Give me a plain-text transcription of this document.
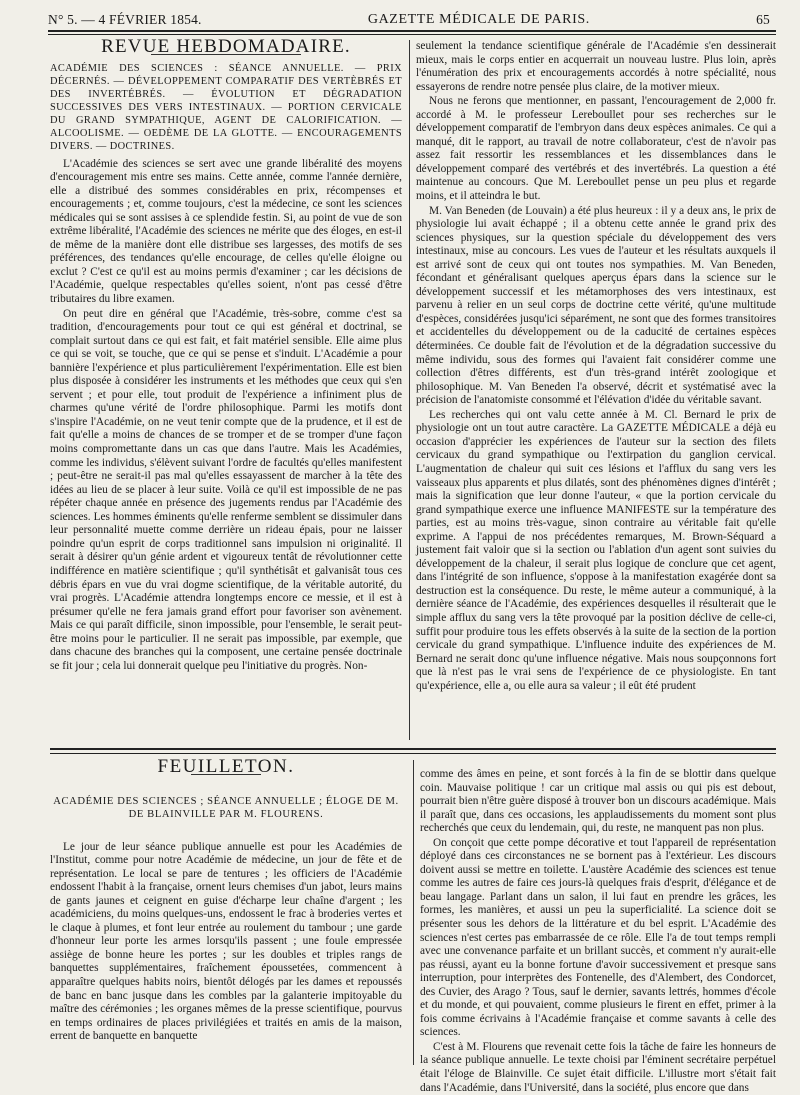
N° 5. — 4 FÉVRIER 1854.	GAZETTE MÉDICALE DE PARIS.	65

REVUE HEBDOMADAIRE.

ACADÉMIE DES SCIENCES : SÉANCE ANNUELLE. — PRIX DÉCERNÉS. — DÉVELOPPEMENT COMPARATIF DES VERTÈBRÉS ET DES INVERTÉBRÉS. — ÉVOLUTION ET DÉGRADATION SUCCESSIVES DES VERS INTESTINAUX. — PORTION CERVICALE DU GRAND SYMPATHIQUE, AGENT DE CALORIFICATION. — ALCOOLISME. — OEDÈME DE LA GLOTTE. — ENCOURAGEMENTS DIVERS. — DOCTRINES.

L'Académie des sciences se sert avec une grande libéralité des moyens d'encouragement mis entre ses mains. Cette année, comme l'année dernière, elle a distribué des sommes considérables en prix, récompenses et encouragements ; et, comme toujours, c'est la médecine, ce sont les sciences médicales qui se sont assises à ce splendide festin. Si, au point de vue de son extrême libéralité, l'Académie des sciences ne mérite que des éloges, en est-il de même de la manière dont elle distribue ses largesses, des motifs de ses préférences, des tendances qu'elle encourage, de celles qu'elle éloigne ou exclut ? C'est ce qu'il est au moins permis d'examiner ; car les décisions de l'Académie, quelque respectables qu'elles soient, n'ont pas cessé d'être tributaires du libre examen.

On peut dire en général que l'Académie, très-sobre, comme c'est sa tradition, d'encouragements pour tout ce qui est général et doctrinal, se complait surtout dans ce qui est fait, et fait matériel sensible. Elle aime plus ce qui se voit, se touche, que ce qui se pense et s'induit. L'Académie a pour bannière l'expérience et plus particulièrement l'expérimentation. Elle est bien plus disposée à considérer les instruments et les méthodes que ceux qui s'en servent ; et pour elle, tout produit de l'expérience a infiniment plus de charmes qu'une vérité de l'ordre philosophique. Parmi les motifs dont s'inspire l'Académie, on ne veut tenir compte que de la prudence, et il est de fait qu'elle a moins de chances de se tromper et de se tromper d'une façon moins compromettante dans un cas que dans l'autre. Mais les Académies, comme les individus, s'élèvent suivant l'ordre de facultés qu'elles manifestent ; peut-être ne serait-il pas mal qu'elles essayassent de marcher à la tête des idées au lieu de se placer à leur suite. Voilà ce qu'il est impossible de ne pas répéter chaque année en présence des jugements rendus par l'Académie des sciences. Les hommes éminents qu'elle renferme semblent se dissimuler dans leur personnalité muette comme derrière un rideau épais, pour ne laisser poindre qu'un esprit de corps traditionnel sans impulsion ni originalité. Il serait à désirer qu'un génie ardent et vigoureux tentât de révolutionner cette indifférence en matière scientifique ; qu'il synthétisât et galvanisât tous ces débris épars en vue du vrai dogme scientifique, de la véritable autorité, du vrai progrès. L'Académie attendra longtemps encore ce messie, et il est à présumer qu'elle ne fera jamais grand effort pour favoriser son avènement. Mais ce qui paraît difficile, sinon impossible, pour l'ensemble, le serait peut-être moins pour le particulier. Il ne serait pas impossible, par exemple, que dans chacune des branches qui la composent, une certaine pensée doctrinale se fit jour ; cela lui donnerait quelque peu l'initiative du progrès. Non-

seulement la tendance scientifique générale de l'Académie s'en dessinerait mieux, mais le corps entier en acquerrait un nouveau lustre. Plus loin, après l'énumération des prix et encouragements accordés à notre spécialité, nous essayerons de rendre notre pensée plus claire, de la motiver mieux.

Nous ne ferons que mentionner, en passant, l'encouragement de 2,000 fr. accordé à M. le professeur Lereboullet pour ses recherches sur le développement comparatif de l'embryon dans deux espèces animales. Ce qui a manqué, dit le rapport, au travail de notre collaborateur, c'est de n'avoir pas assez fait ressortir les ressemblances et les dissemblances dans le développement comparé des vertébrés et des invertébrés. La question a été maintenue au concours. Que M. Lereboullet pense un peu plus et regarde moins, et il atteindra le but.

M. Van Beneden (de Louvain) a été plus heureux : il y a deux ans, le prix de physiologie lui avait échappé ; il a obtenu cette année le grand prix des sciences physiques, sur la question spéciale du développement des vers intestinaux, mise au concours. Les vues de l'auteur et les résultats auxquels il est arrivé sont de ceux qui ont toutes nos sympathies. M. Van Beneden, fécondant et généralisant quelques aperçus épars dans la science sur le développement successif et les métamorphoses des vers intestinaux, est parvenu à relier en un seul corps de doctrine cette vérité, qu'une multitude d'espèces, considérées jusqu'ici séparément, ne sont que des formes transitoires et accidentelles du développement ou de la caducité de certaines espèces déterminées. Ce double fait de l'évolution et de la dégradation successive du même individu, sous des formes qui l'avaient fait considérer comme une collection d'êtres différents, est d'un très-grand intérêt zoologique et philosophique. M. Van Beneden l'a observé, décrit et systématisé avec la précision de l'anatomiste consommé et l'élévation d'idée du véritable savant.

Les recherches qui ont valu cette année à M. Cl. Bernard le prix de physiologie ont un tout autre caractère. La GAZETTE MÉDICALE a déjà eu occasion d'apprécier les expériences de l'auteur sur la section des filets cervicaux du grand sympathique ou l'extirpation du ganglion cervical. L'augmentation de chaleur qui suit ces lésions et l'afflux du sang vers les vaisseaux plus apparents et plus dilatés, sont des phénomènes dignes d'intérêt ; mais la signification que leur donne l'auteur, « que la portion cervicale du grand sympathique exerce une influence MANIFESTE sur la température des parties, est au moins très-vague, sinon contraire au véritable fait qu'elle exprime. A l'appui de nos précédentes remarques, M. Brown-Séquard a justement fait valoir que si la section ou l'ablation d'un agent sont suivies du développement de la chaleur, il serait plus logique de conclure que cet agent, dans l'intégrité de son influence, s'oppose à la manifestation exagérée dont sa destruction est la conséquence. Du reste, le même auteur a communiqué, à la dernière séance de l'Académie, des expériences desquelles il résulterait que le simple afflux du sang vers la tête provoqué par la position déclive de celle-ci, suffit pour produire tous les effets observés à la suite de la section de la portion cervicale du grand sympathique. L'influence induite des expériences de M. Bernard ne serait donc qu'une influence négative. Mais nous soupçonnons fort que là n'est pas le vrai sens de l'expérience de ce physiologiste. En tant qu'expérience, elle a, ou elle aura sa valeur ; il eût été prudent

FEUILLETON.

ACADÉMIE DES SCIENCES ; SÉANCE ANNUELLE ; ÉLOGE DE M. DE BLAINVILLE PAR M. FLOURENS.

Le jour de leur séance publique annuelle est pour les Académies de l'Institut, comme pour notre Académie de médecine, un jour de fête et de représentation. Le local se pare de tentures ; les officiers de l'Académie endossent l'habit à la française, ornent leurs chemises d'un jabot, leurs mains de gants jaunes et ceignent en guise d'écharpe leur chaîne d'argent ; les académiciens, du moins quelques-uns, endossent le frac à broderies vertes et le claque à plumes, et font leur entrée au roulement du tambour ; une garde d'honneur leur porte les armes lorsqu'ils passent ; une foule empressée assiège de bonne heure les portes ; sur les doubles et triples rangs de banquettes supplémentaires, fraîchement époussetées, commencent à apparaître quelques habits noirs, bientôt délogés par les dames et repoussés de banc en banc jusque dans les combles par la galanterie impitoyable du maître des cérémonies ; les organes mêmes de la presse scientifique, pourvus en temps ordinaires de places privilégiées et traités en amis de la maison, errent de banquette en banquette

comme des âmes en peine, et sont forcés à la fin de se blottir dans quelque coin. Mauvaise politique ! car un critique mal assis ou qui pis est debout, pourrait bien n'être guère disposé à trouver bon un discours académique. Mais il paraît que, dans ces occasions, les applaudissements du moment sont plus recherchés que ceux du lendemain, qui, du reste, ne manquent pas non plus.

On conçoit que cette pompe décorative et tout l'appareil de représentation déployé dans ces circonstances ne se bornent pas à l'extérieur. Les discours doivent aussi se mettre en toilette. L'austère Académie des sciences est tenue comme les autres de faire ces jours-là quelques frais d'esprit, d'élégance et de beau langage. Parlant dans un salon, il lui faut en prendre les grâces, les formes, les manières, et aussi un peu la superficialité. La science doit se présenter sous les dehors de la littérature et du bel esprit. L'Académie des sciences n'est certes pas embarrassée de ce rôle. Elle l'a de tout temps rempli avec une convenance parfaite et un brillant succès, et comment n'y aurait-elle pas réussi, ayant eu la bonne fortune d'avoir successivement et presque sans interruption, pour interprètes des Fontenelle, des d'Alembert, des Condorcet, des Cuvier, des Arago ? Tous, sauf le dernier, savants lettrés, hommes d'école et du monde, et qui pouvaient, comme plusieurs le firent en effet, primer à la fois comme écrivains à l'Académie française et comme savants à celle des sciences.

C'est à M. Flourens que revenait cette fois la tâche de faire les honneurs de la séance publique annuelle. Le texte choisi par l'éminent secrétaire perpétuel était l'éloge de Blainville. Ce sujet était difficile. L'illustre mort s'était fait dans l'Académie, dans l'Université, dans la société, plus encore que dans
